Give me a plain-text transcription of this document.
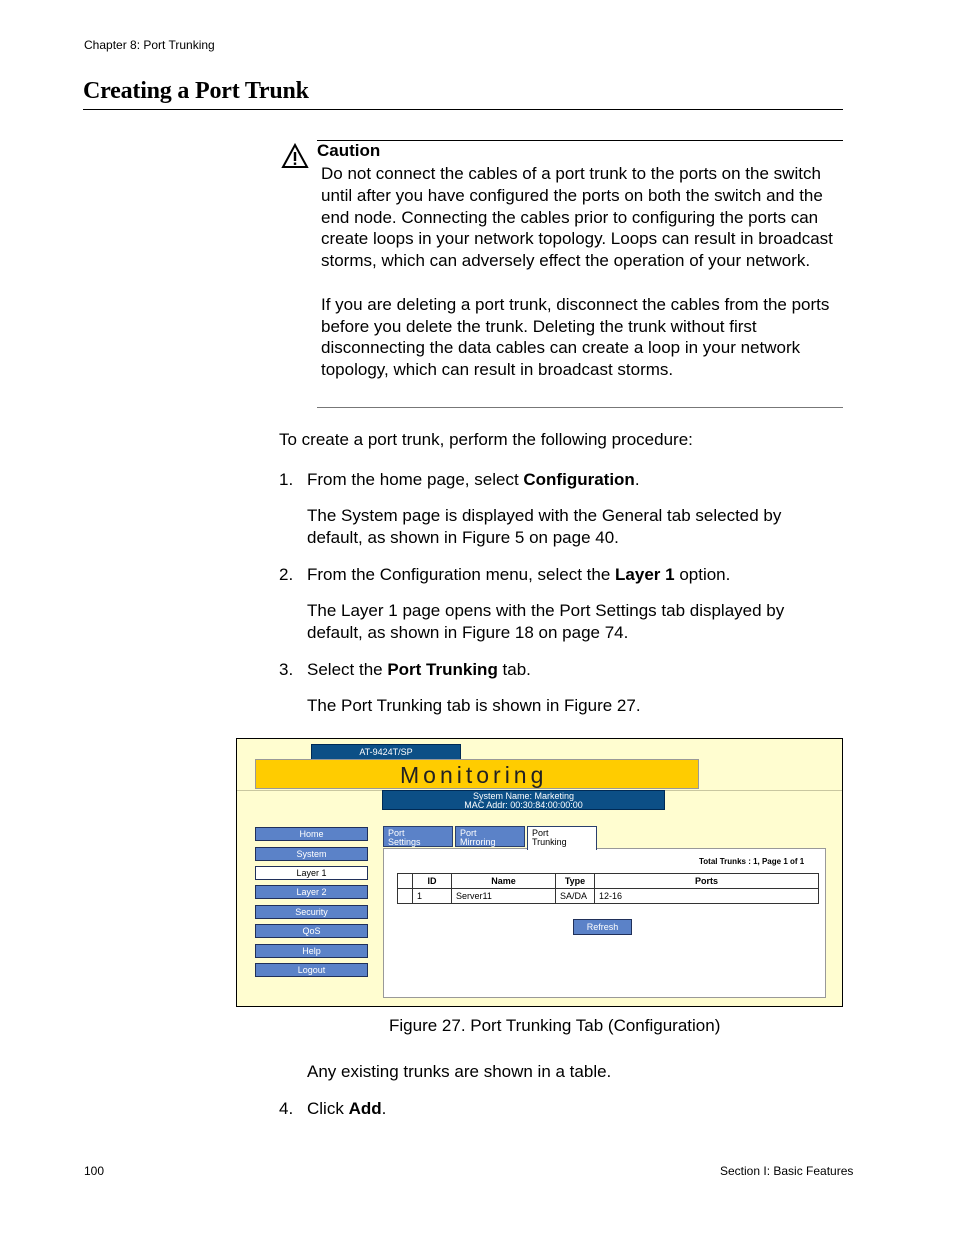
Chapter 8: Port Trunking
Creating a Port Trunk
Caution

Do not connect the cables of a port trunk to the ports on the switch until after you have configured the ports on both the switch and the end node. Connecting the cables prior to configuring the ports can create loops in your network topology. Loops can result in broadcast storms, which can adversely effect the operation of your network.

If you are deleting a port trunk, disconnect the cables from the ports before you delete the trunk. Deleting the trunk without first disconnecting the data cables can create a loop in your network topology, which can result in broadcast storms.

To create a port trunk, perform the following procedure:
1. From the home page, select Configuration.
The System page is displayed with the General tab selected by default, as shown in Figure 5 on page 40.
2. From the Configuration menu, select the Layer 1 option.
The Layer 1 page opens with the Port Settings tab displayed by default, as shown in Figure 18 on page 74.
3. Select the Port Trunking tab.
The Port Trunking tab is shown in Figure 27.
AT-9424T/SP
Monitoring
System Name: Marketing
MAC Addr: 00:30:84:00:00:00
Home
System
Layer 1
Layer 2
Security
QoS
Help
Logout
Port
Settings
Port
Mirroring
Port
Trunking
Total Trunks : 1, Page 1 of 1
	ID	Name	Type	Ports
	1	Server11	SA/DA	12-16
Refresh
Figure 27. Port Trunking Tab (Configuration)
Any existing trunks are shown in a table.
4. Click Add.
100	Section I: Basic Features
